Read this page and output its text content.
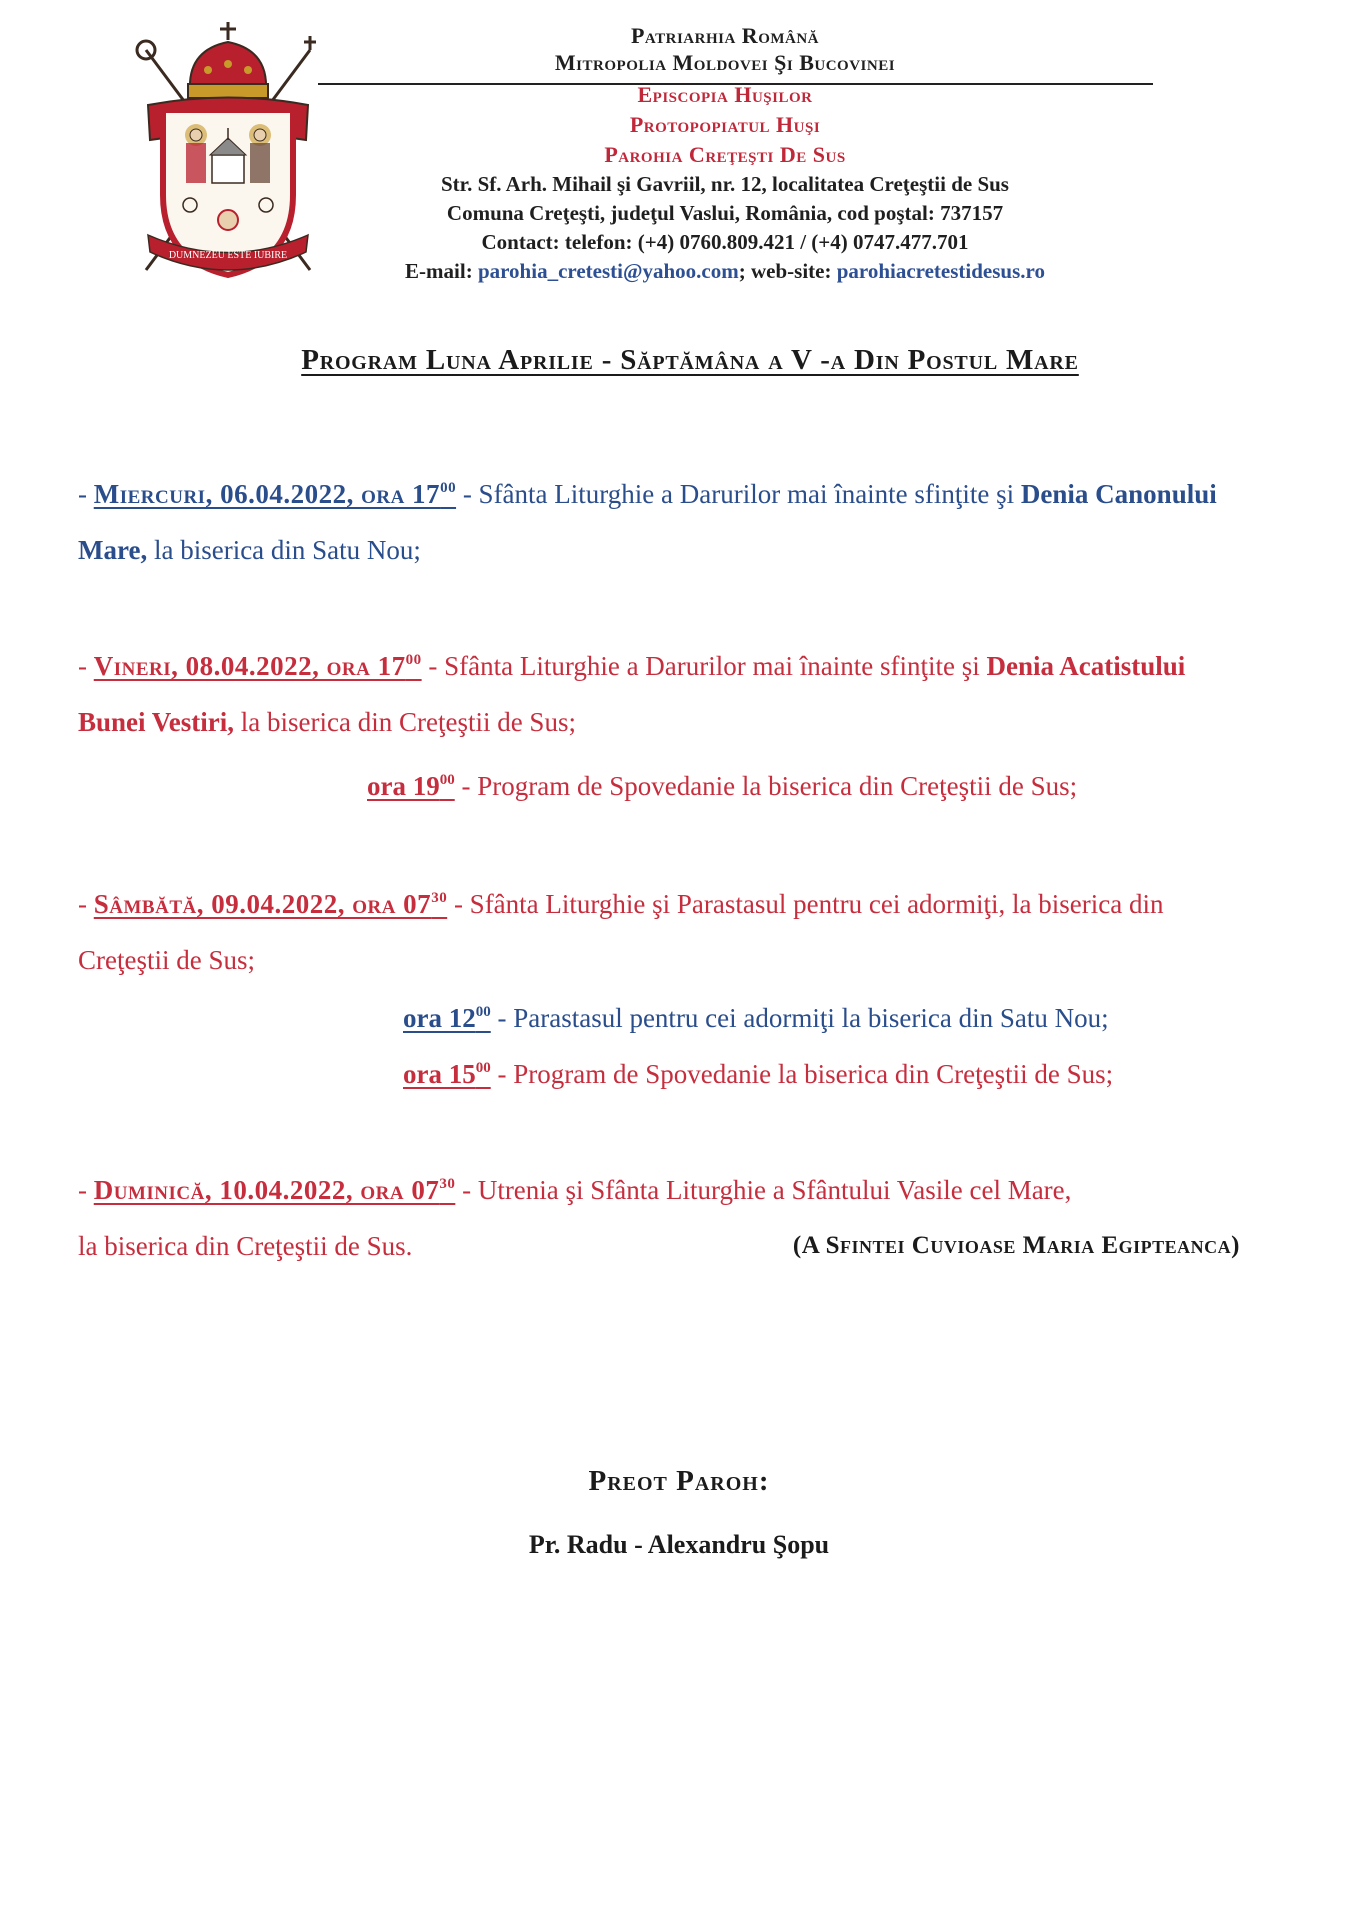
DUMNEZEU ESTE IUBIRE
Patriarhia Română
Mitropolia Moldovei Şi Bucovinei
Episcopia Huşilor
Protopopiatul Huşi
Parohia Creţeşti De Sus
Str. Sf. Arh. Mihail şi Gavriil, nr. 12, localitatea Creţeştii de Sus
Comuna Creţeşti, judeţul Vaslui, România, cod poştal: 737157
Contact: telefon: (+4) 0760.809.421 / (+4) 0747.477.701
E-mail: parohia_cretesti@yahoo.com; web-site: parohiacretestidesus.ro
Program Luna Aprilie - Săptămâna a V -a Din Postul Mare
- Miercuri, 06.04.2022, ora $17^{00}$ - Sfânta Liturghie a Darurilor mai înainte sfinţite şi Denia Canonului Mare, la biserica din Satu Nou;
- Vineri, 08.04.2022, ora $17^{00}$ - Sfânta Liturghie a Darurilor mai înainte sfinţite şi Denia Acatistului Bunei Vestiri, la biserica din Creţeştii de Sus;
ora $19^{00}$ - Program de Spovedanie la biserica din Creţeştii de Sus;
- Sâmbătă, 09.04.2022, ora $07^{30}$ - Sfânta Liturghie şi Parastasul pentru cei adormiţi, la biserica din Creţeştii de Sus;
ora $12^{00}$ - Parastasul pentru cei adormiţi la biserica din Satu Nou;
ora $15^{00}$ - Program de Spovedanie la biserica din Creţeştii de Sus;
- Duminică, 10.04.2022, ora $07^{30}$ - Utrenia şi Sfânta Liturghie a Sfântului Vasile cel Mare,
la biserica din Creţeştii de Sus.	(A Sfintei Cuvioase Maria Egipteanca)
Preot Paroh:
Pr. Radu - Alexandru Şopu
